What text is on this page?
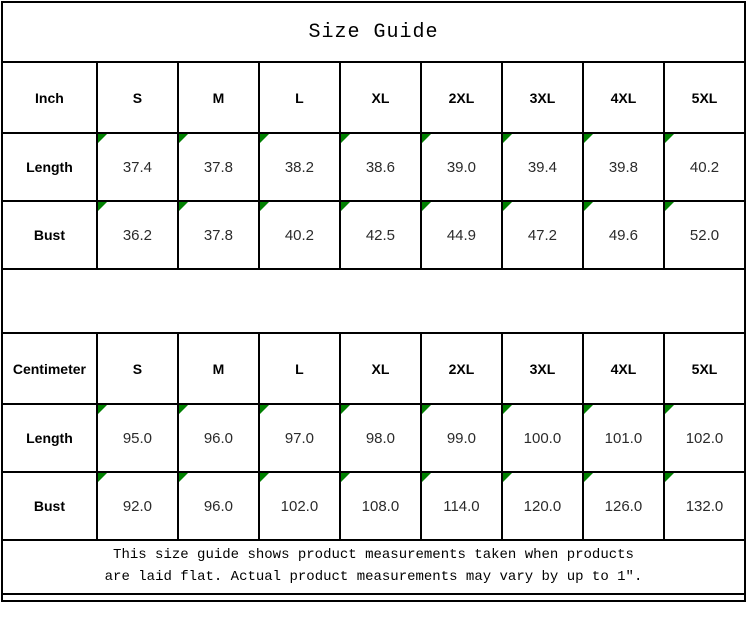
Size Guide								
Inch	S	M	L	XL	2XL	3XL	4XL	5XL
Length	37.4	37.8	38.2	38.6	39.0	39.4	39.8	40.2
Bust	36.2	37.8	40.2	42.5	44.9	47.2	49.6	52.0

Centimeter	S	M	L	XL	2XL	3XL	4XL	5XL
Length	95.0	96.0	97.0	98.0	99.0	100.0	101.0	102.0
Bust	92.0	96.0	102.0	108.0	114.0	120.0	126.0	132.0

This size guide shows product measurements taken when products
are laid flat. Actual product measurements may vary by up to 1″.								
